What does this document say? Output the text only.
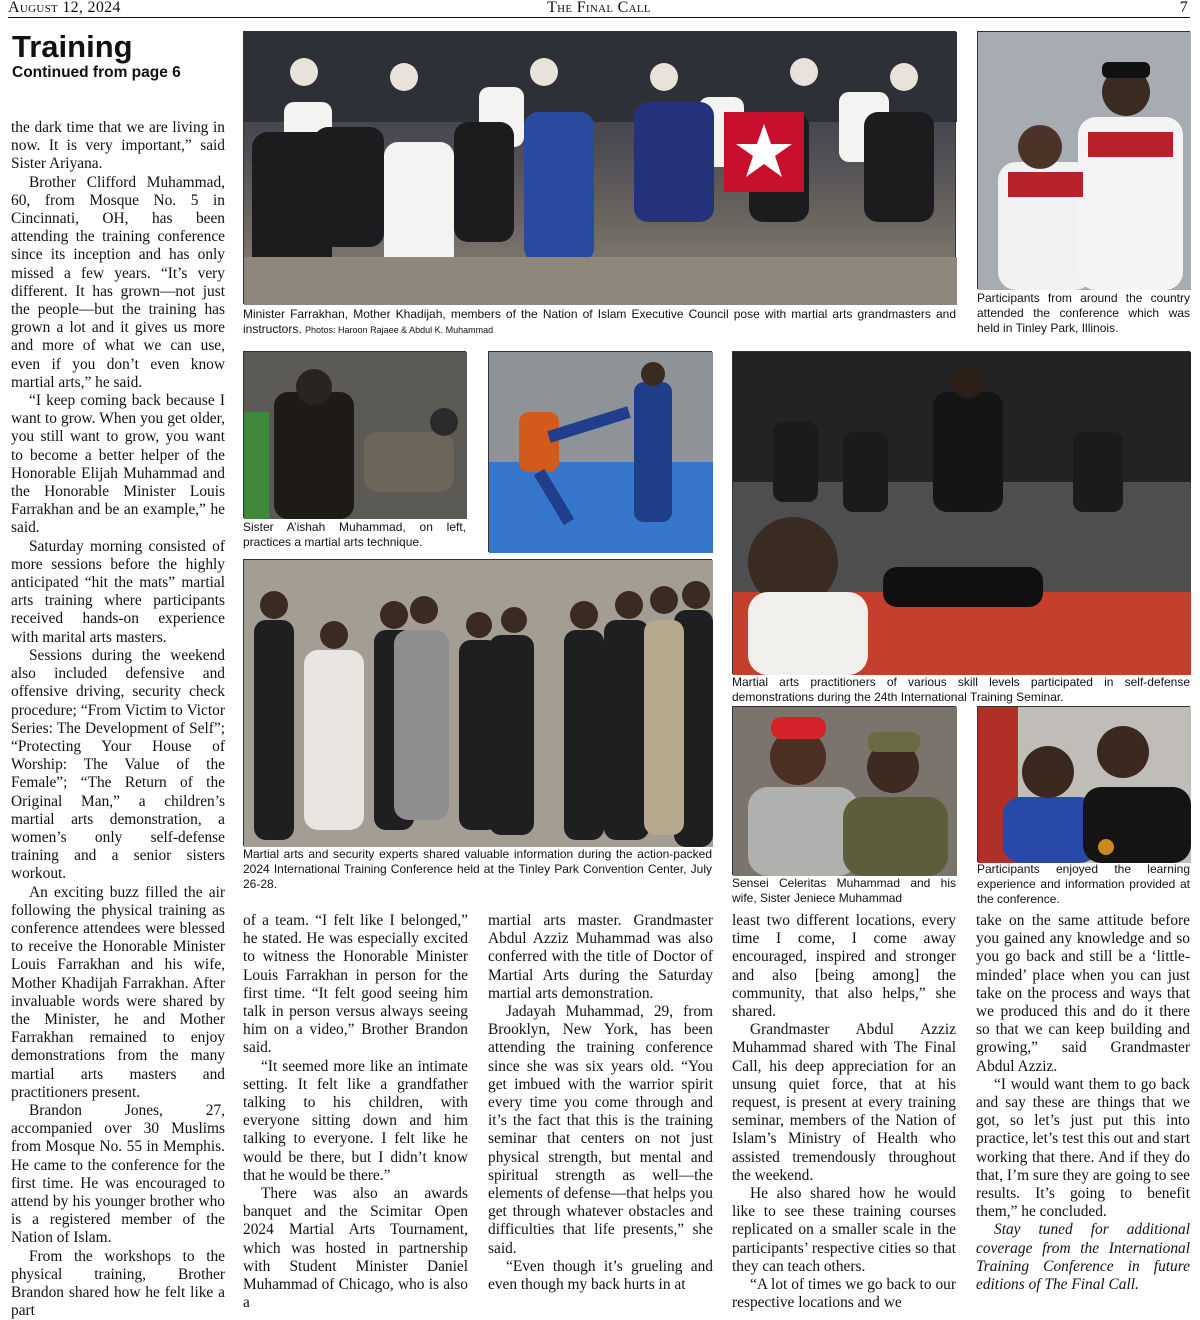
August 12, 2024	The Final Call	7
Training
Continued from page 6
Minister Farrakhan, Mother Khadijah, members of the Nation of Islam Executive Council pose with martial arts grandmasters and instructors. Photos: Haroon Rajaee & Abdul K. Muhammad
Participants from around the country attended the conference which was held in Tinley Park, Illinois.
Sister A’ishah Muhammad, on left, practices a martial arts technique.
Martial arts practitioners of various skill levels participated in self-defense demonstrations during the 24th International Training Seminar.
Martial arts and security experts shared valuable information during the action-packed 2024 International Training Conference held at the Tinley Park Convention Center, July 26-28.	Sensei Celeritas Muhammad and his wife, Sister Jeniece Muhammad
Participants enjoyed the learning experience and information provided at the conference.

the dark time that we are living in now. It is very important,” said Sister Ariyana.

Brother Clifford Muhammad, 60, from Mosque No. 5 in Cincinnati, OH, has been attending the training conference since its inception and has only missed a few years. “It’s very different. It has grown—not just the people—but the training has grown a lot and it gives us more and more of what we can use, even if you don’t even know martial arts,” he said.

“I keep coming back because I want to grow. When you get older, you still want to grow, you want to become a better helper of the Honorable Elijah Muhammad and the Honorable Minister Louis Farrakhan and be an example,” he said.

Saturday morning consisted of more sessions before the highly anticipated “hit the mats” martial arts training where participants received hands-on experience with marital arts masters.

Sessions during the weekend also included defensive and offensive driving, security check procedure; “From Victim to Victor Series: The Development of Self”; “Protecting Your House of Worship: The Value of the Female”; “The Return of the Original Man,” a children’s martial arts demonstration, a women’s only self-defense training and a senior sisters workout.

An exciting buzz filled the air following the physical training as conference attendees were blessed to receive the Honorable Minister Louis Farrakhan and his wife, Mother Khadijah Farrakhan. After invaluable words were shared by the Minister, he and Mother Farrakhan remained to enjoy demonstrations from the many martial arts masters and practitioners present.

Brandon Jones, 27, accompanied over 30 Muslims from Mosque No. 55 in Memphis. He came to the conference for the first time. He was encouraged to attend by his younger brother who is a registered member of the Nation of Islam.

From the workshops to the physical training, Brother Brandon shared how he felt like a part

of a team. “I felt like I belonged,” he stated. He was especially excited to witness the Honorable Minister Louis Farrakhan in person for the first time. “It felt good seeing him talk in person versus always seeing him on a video,” Brother Brandon said.

“It seemed more like an intimate setting. It felt like a grandfather talking to his children, with everyone sitting down and him talking to everyone. I felt like he would be there, but I didn’t know that he would be there.”

There was also an awards banquet and the Scimitar Open 2024 Martial Arts Tournament, which was hosted in partnership with Student Minister Daniel Muhammad of Chicago, who is also a

martial arts master. Grandmaster Abdul Azziz Muhammad was also conferred with the title of Doctor of Martial Arts during the Saturday martial arts demonstration.

Jadayah Muhammad, 29, from Brooklyn, New York, has been attending the training conference since she was six years old. “You get imbued with the warrior spirit every time you come through and it’s the fact that this is the training seminar that centers on not just physical strength, but mental and spiritual strength as well—the elements of defense—that helps you get through whatever obstacles and difficulties that life presents,” she said.

“Even though it’s grueling and even though my back hurts in at

least two different locations, every time I come, I come away encouraged, inspired and stronger and also [being among] the community, that also helps,” she shared.

Grandmaster Abdul Azziz Muhammad shared with The Final Call, his deep appreciation for an unsung quiet force, that at his request, is present at every training seminar, members of the Nation of Islam’s Ministry of Health who assisted tremendously throughout the weekend.

He also shared how he would like to see these training courses replicated on a smaller scale in the participants’ respective cities so that they can teach others.

“A lot of times we go back to our respective locations and we

take on the same attitude before you gained any knowledge and so you go back and still be a ‘little-minded’ place when you can just take on the process and ways that we produced this and do it there so that we can keep building and growing,” said Grandmaster Abdul Azziz.

“I would want them to go back and say these are things that we got, so let’s just put this into practice, let’s test this out and start working that there. And if they do that, I’m sure they are going to see results. It’s going to benefit them,” he concluded.

Stay tuned for additional coverage from the International Training Conference in future editions of The Final Call.
